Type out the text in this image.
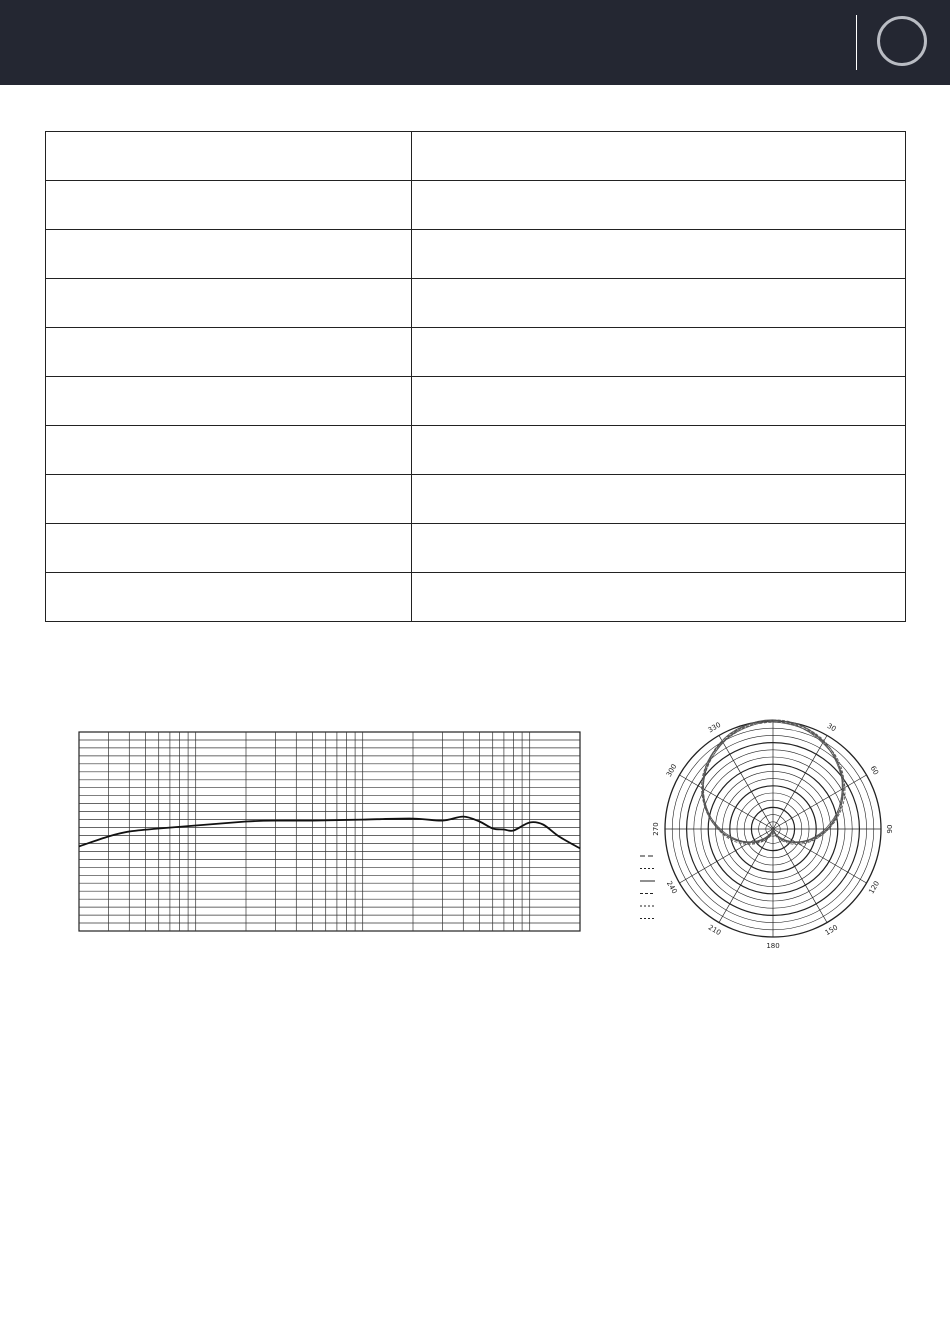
30
60
90
120
150
180
210
240
270
300
330
